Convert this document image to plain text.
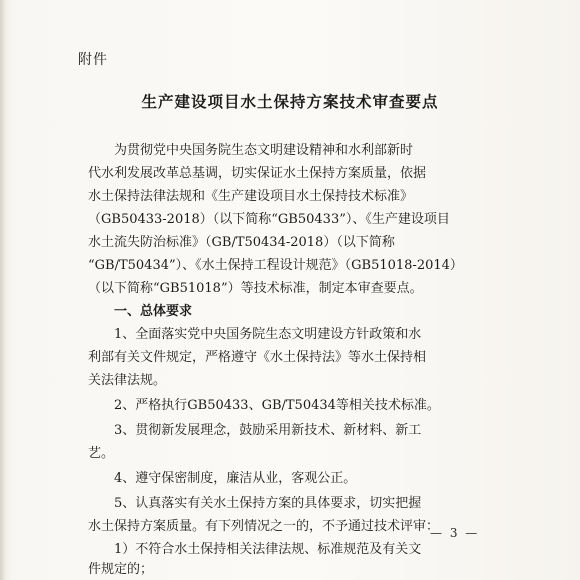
附件
生产建设项目水土保持方案技术审查要点
为贯彻党中央国务院生态文明建设精神和水利部新时
代水利发展改革总基调，切实保证水土保持方案质量，依据
水土保持法律法规和《生产建设项目水土保持技术标准》
（GB50433-2018）（以下简称“GB50433”）、《生产建设项目
水土流失防治标准》（GB/T50434-2018）（以下简称
“GB/T50434”）、《水土保持工程设计规范》（GB51018-2014）
（以下简称“GB51018”）等技术标准，制定本审查要点。
一、总体要求
1、全面落实党中央国务院生态文明建设方针政策和水
利部有关文件规定，严格遵守《水土保持法》等水土保持相
关法律法规。
2、严格执行GB50433、GB/T50434等相关技术标准。
3、贯彻新发展理念，鼓励采用新技术、新材料、新工
艺。
4、遵守保密制度，廉洁从业，客观公正。
5、认真落实有关水土保持方案的具体要求，切实把握
水土保持方案质量。有下列情况之一的，不予通过技术评审：
1）不符合水土保持相关法律法规、标准规范及有关文
件规定的；
— 3 —
